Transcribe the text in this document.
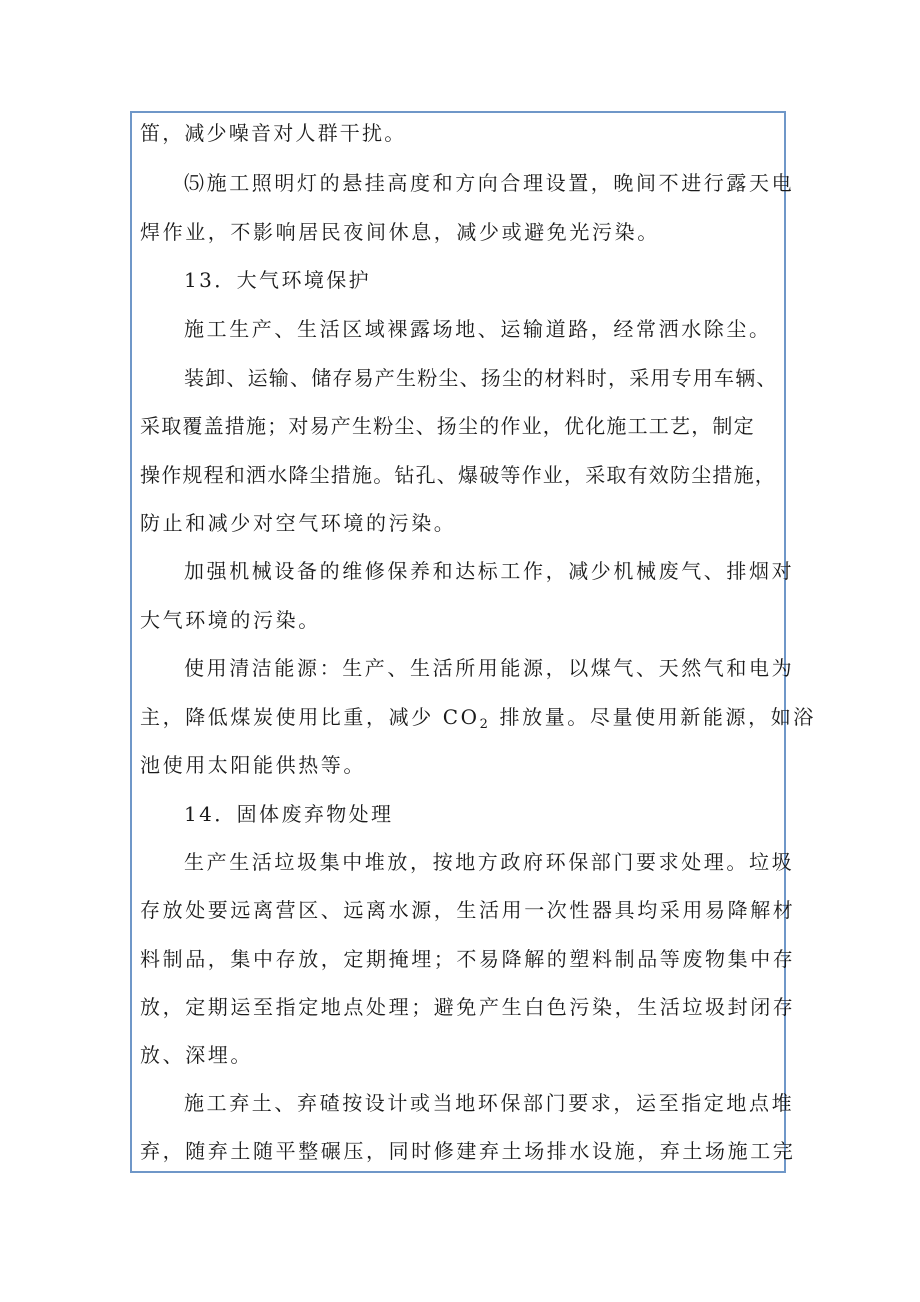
笛，减少噪音对人群干扰。
⑸施工照明灯的悬挂高度和方向合理设置，晚间不进行露天电
焊作业，不影响居民夜间休息，减少或避免光污染。
13．大气环境保护
施工生产、生活区域裸露场地、运输道路，经常洒水除尘。
装卸、运输、储存易产生粉尘、扬尘的材料时，采用专用车辆、
采取覆盖措施；对易产生粉尘、扬尘的作业，优化施工工艺，制定
操作规程和洒水降尘措施。钻孔、爆破等作业，采取有效防尘措施，
防止和减少对空气环境的污染。
加强机械设备的维修保养和达标工作，减少机械废气、排烟对
大气环境的污染。
使用清洁能源：生产、生活所用能源，以煤气、天然气和电为
主，降低煤炭使用比重，减少 $CO_2$ 排放量。尽量使用新能源，如浴
池使用太阳能供热等。
14．固体废弃物处理
生产生活垃圾集中堆放，按地方政府环保部门要求处理。垃圾
存放处要远离营区、远离水源，生活用一次性器具均采用易降解材
料制品，集中存放，定期掩埋；不易降解的塑料制品等废物集中存
放，定期运至指定地点处理；避免产生白色污染，生活垃圾封闭存
放、深埋。
施工弃土、弃碴按设计或当地环保部门要求，运至指定地点堆
弃，随弃土随平整碾压，同时修建弃土场排水设施，弃土场施工完
